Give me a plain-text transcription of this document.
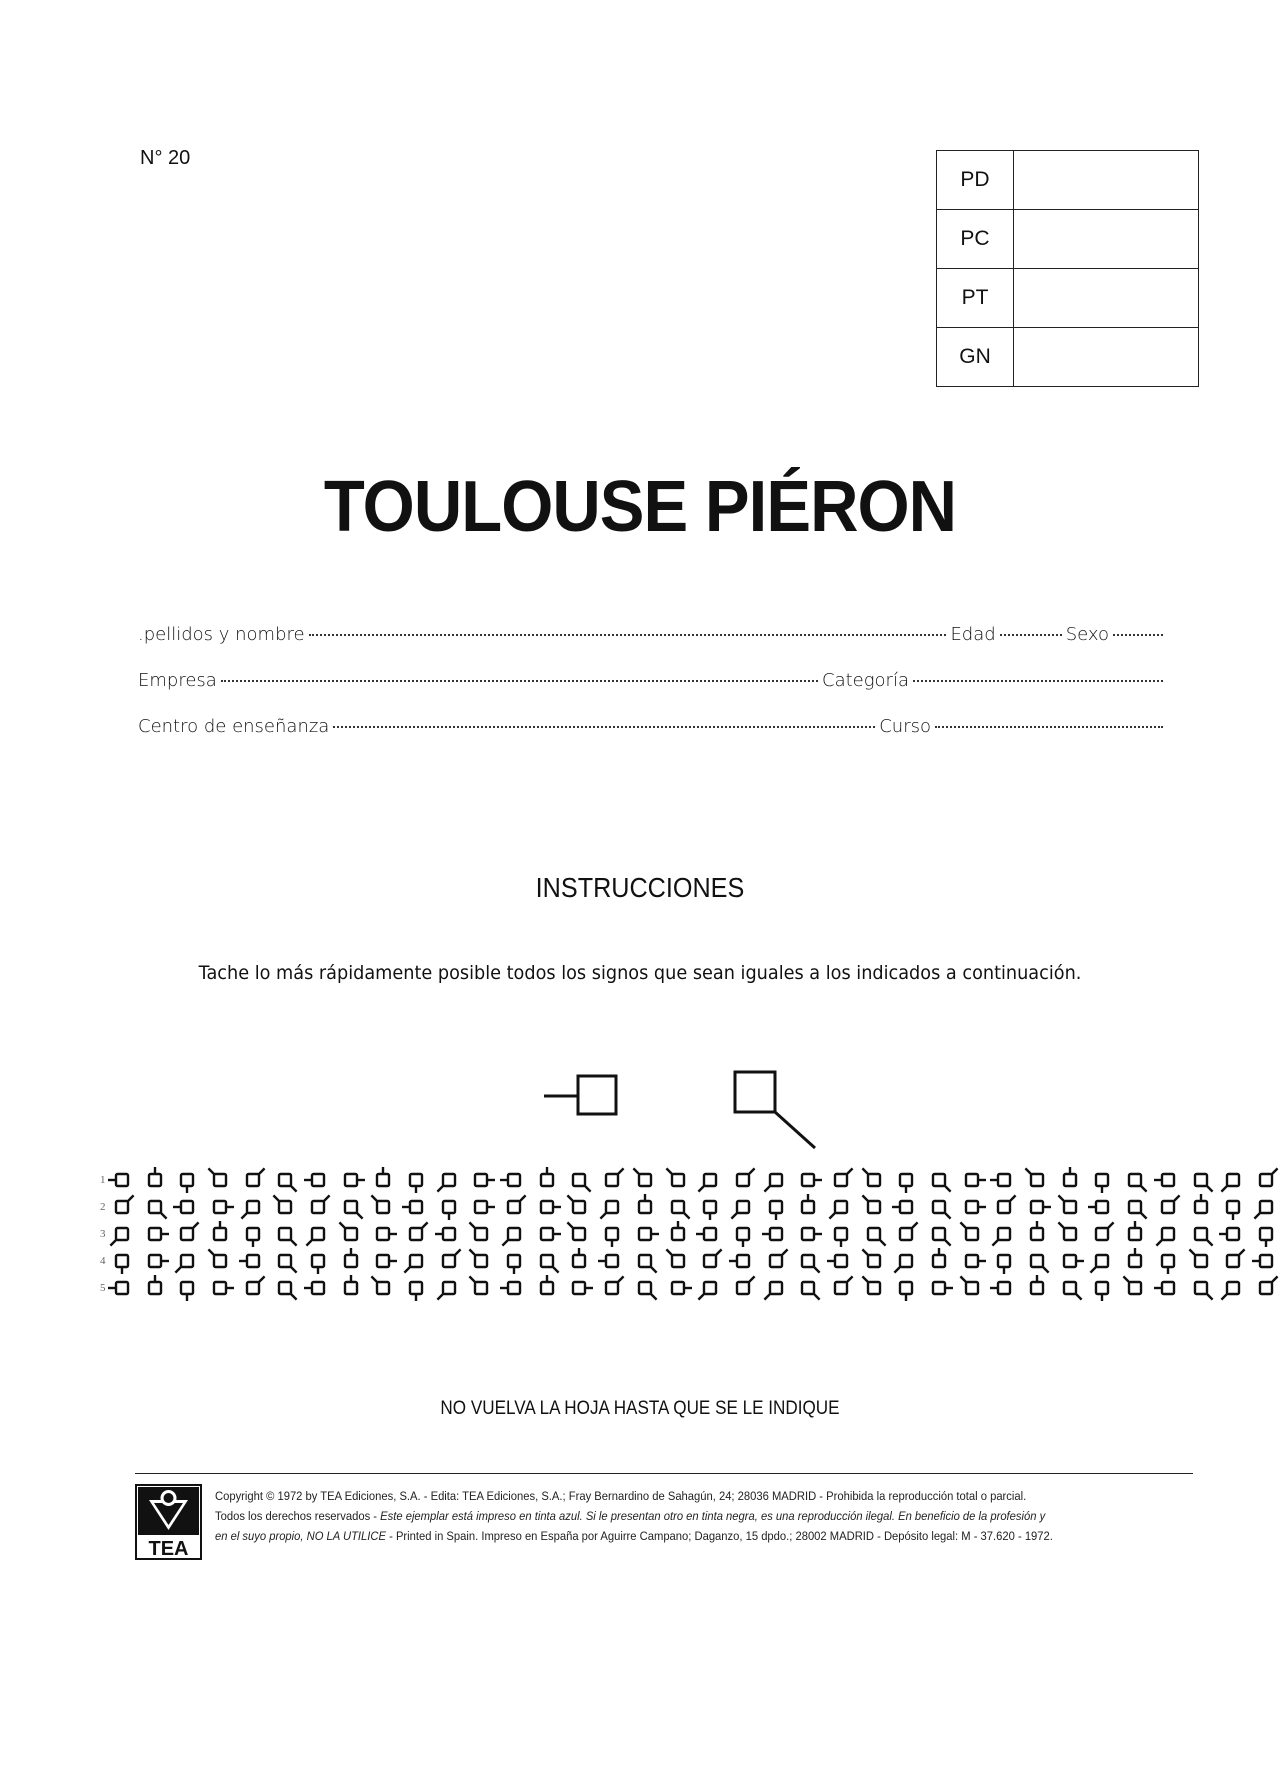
N° 20
PD	
PC	
PT	
GN	
TOULOUSE PIÉRON
.pellidos y nombre	Edad	Sexo
Empresa	Categoría
Centro de enseñanza	Curso
INSTRUCCIONES
Tache lo más rápidamente posible todos los signos que sean iguales a los indicados a continuación.
1
2
3
4
5
NO VUELVA LA HOJA HASTA QUE SE LE INDIQUE
TEA
Copyright © 1972 by TEA Ediciones, S.A. - Edita: TEA Ediciones, S.A.; Fray Bernardino de Sahagún, 24; 28036 MADRID - Prohibida la reproducción total o parcial.
Todos los derechos reservados - Este ejemplar está impreso en tinta azul. Si le presentan otro en tinta negra, es una reproducción ilegal. En beneficio de la profesión y
en el suyo propio, NO LA UTILICE - Printed in Spain. Impreso en España por Aguirre Campano; Daganzo, 15 dpdo.; 28002 MADRID - Depósito legal: M - 37.620 - 1972.
